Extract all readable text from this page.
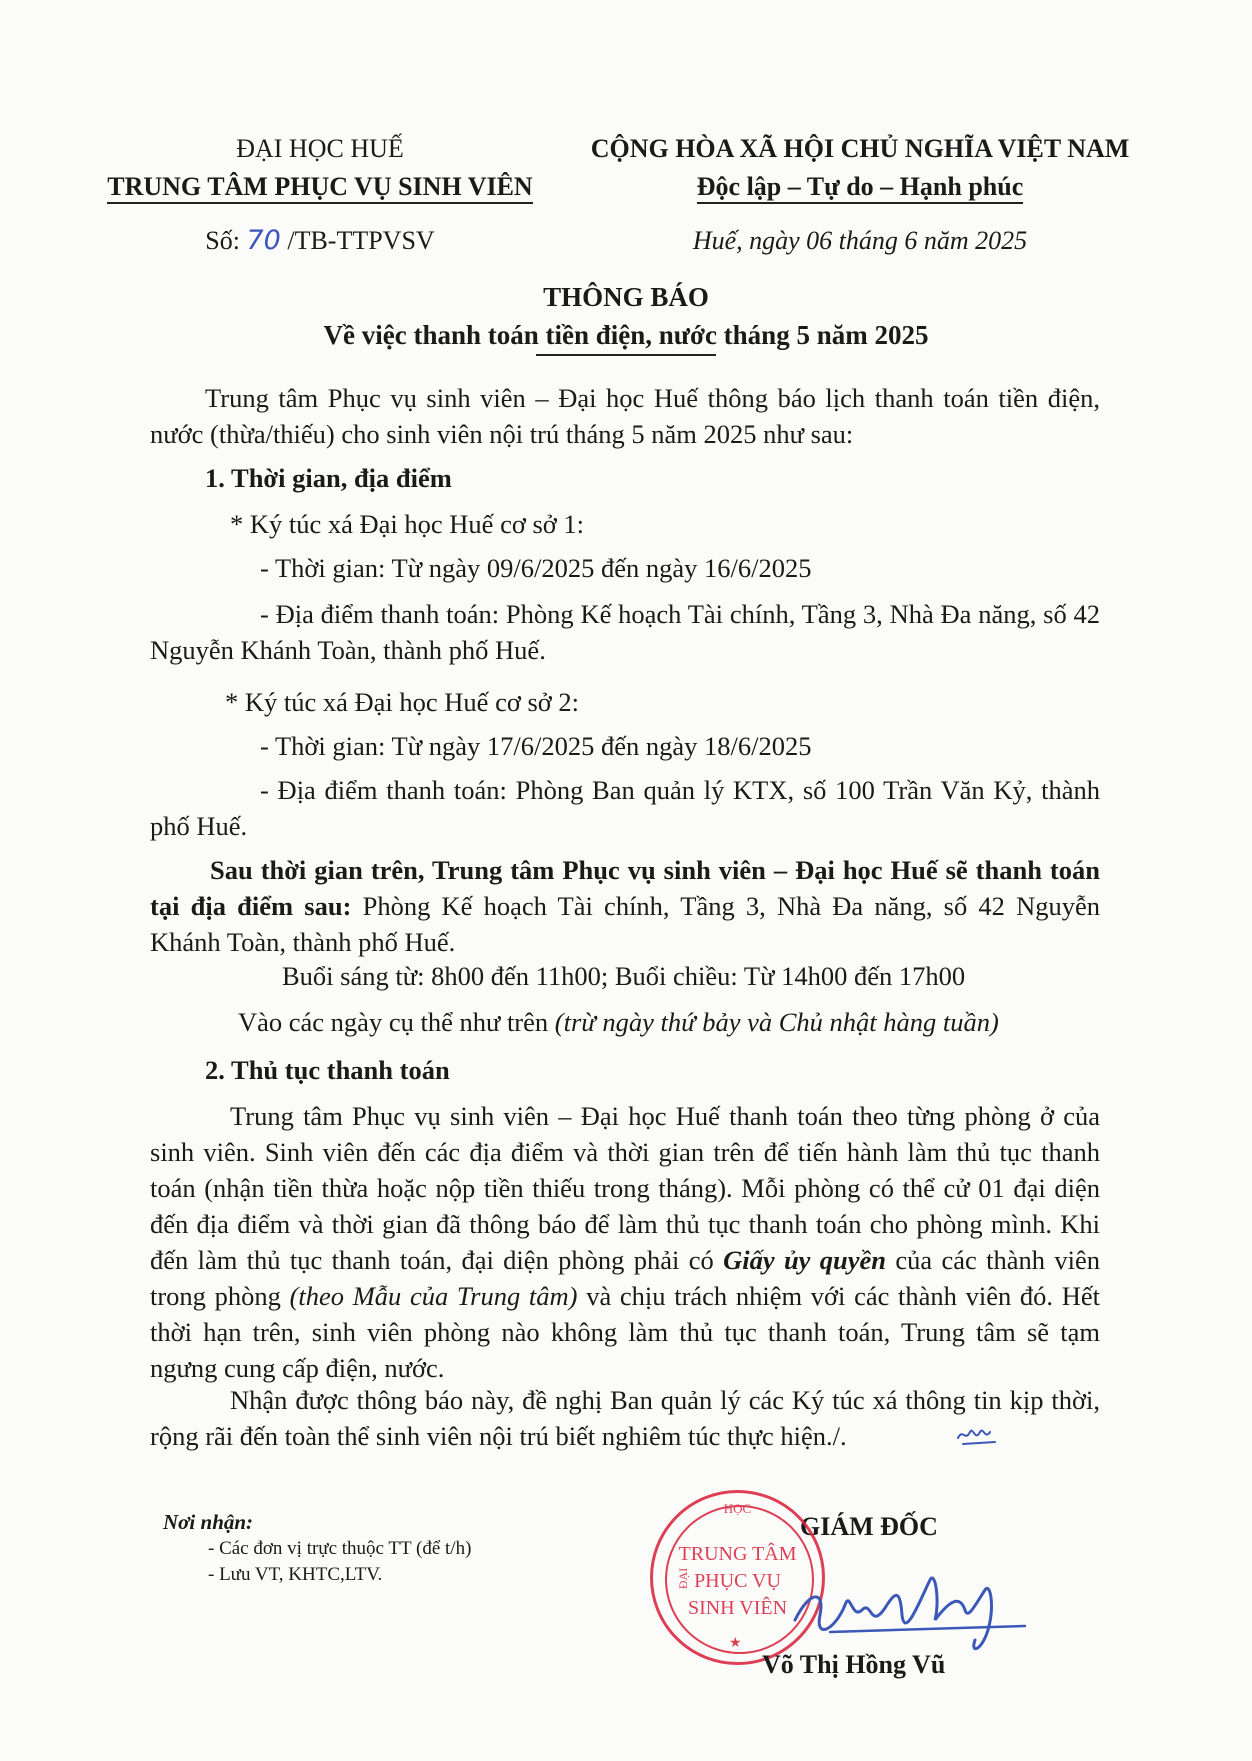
ĐẠI HỌC HUẾ
TRUNG TÂM PHỤC VỤ SINH VIÊN
Số: 70 /TB-TTPVSV
CỘNG HÒA XÃ HỘI CHỦ NGHĨA VIỆT NAM
Độc lập – Tự do – Hạnh phúc
Huế, ngày 06 tháng 6 năm 2025
THÔNG BÁO
Về việc thanh toán tiền điện, nước tháng 5 năm 2025
Trung tâm Phục vụ sinh viên – Đại học Huế thông báo lịch thanh toán tiền điện, nước (thừa/thiếu) cho sinh viên nội trú tháng 5 năm 2025 như sau:
1. Thời gian, địa điểm
* Ký túc xá Đại học Huế cơ sở 1:
- Thời gian: Từ ngày 09/6/2025 đến ngày 16/6/2025
- Địa điểm thanh toán: Phòng Kế hoạch Tài chính, Tầng 3, Nhà Đa năng, số 42 Nguyễn Khánh Toàn, thành phố Huế.
* Ký túc xá Đại học Huế cơ sở 2:
- Thời gian: Từ ngày 17/6/2025 đến ngày 18/6/2025
- Địa điểm thanh toán: Phòng Ban quản lý KTX, số 100 Trần Văn Kỷ, thành phố Huế.
Sau thời gian trên, Trung tâm Phục vụ sinh viên – Đại học Huế sẽ thanh toán tại địa điểm sau: Phòng Kế hoạch Tài chính, Tầng 3, Nhà Đa năng, số 42 Nguyễn Khánh Toàn, thành phố Huế.
Buổi sáng từ: 8h00 đến 11h00; Buổi chiều: Từ 14h00 đến 17h00
Vào các ngày cụ thể như trên (trừ ngày thứ bảy và Chủ nhật hàng tuần)
2. Thủ tục thanh toán
Trung tâm Phục vụ sinh viên – Đại học Huế thanh toán theo từng phòng ở của sinh viên. Sinh viên đến các địa điểm và thời gian trên để tiến hành làm thủ tục thanh toán (nhận tiền thừa hoặc nộp tiền thiếu trong tháng). Mỗi phòng có thể cử 01 đại diện đến địa điểm và thời gian đã thông báo để làm thủ tục thanh toán cho phòng mình. Khi đến làm thủ tục thanh toán, đại diện phòng phải có Giấy ủy quyền của các thành viên trong phòng (theo Mẫu của Trung tâm) và chịu trách nhiệm với các thành viên đó. Hết thời hạn trên, sinh viên phòng nào không làm thủ tục thanh toán, Trung tâm sẽ tạm ngưng cung cấp điện, nước.
Nhận được thông báo này, đề nghị Ban quản lý các Ký túc xá thông tin kịp thời, rộng rãi đến toàn thể sinh viên nội trú biết nghiêm túc thực hiện./.
Nơi nhận:
- Các đơn vị trực thuộc TT (để t/h)
- Lưu VT, KHTC,LTV.
GIÁM ĐỐC
HỌC
ĐẠI
TRUNG TÂM
PHỤC VỤ
SINH VIÊN
★
Võ Thị Hồng Vũ
